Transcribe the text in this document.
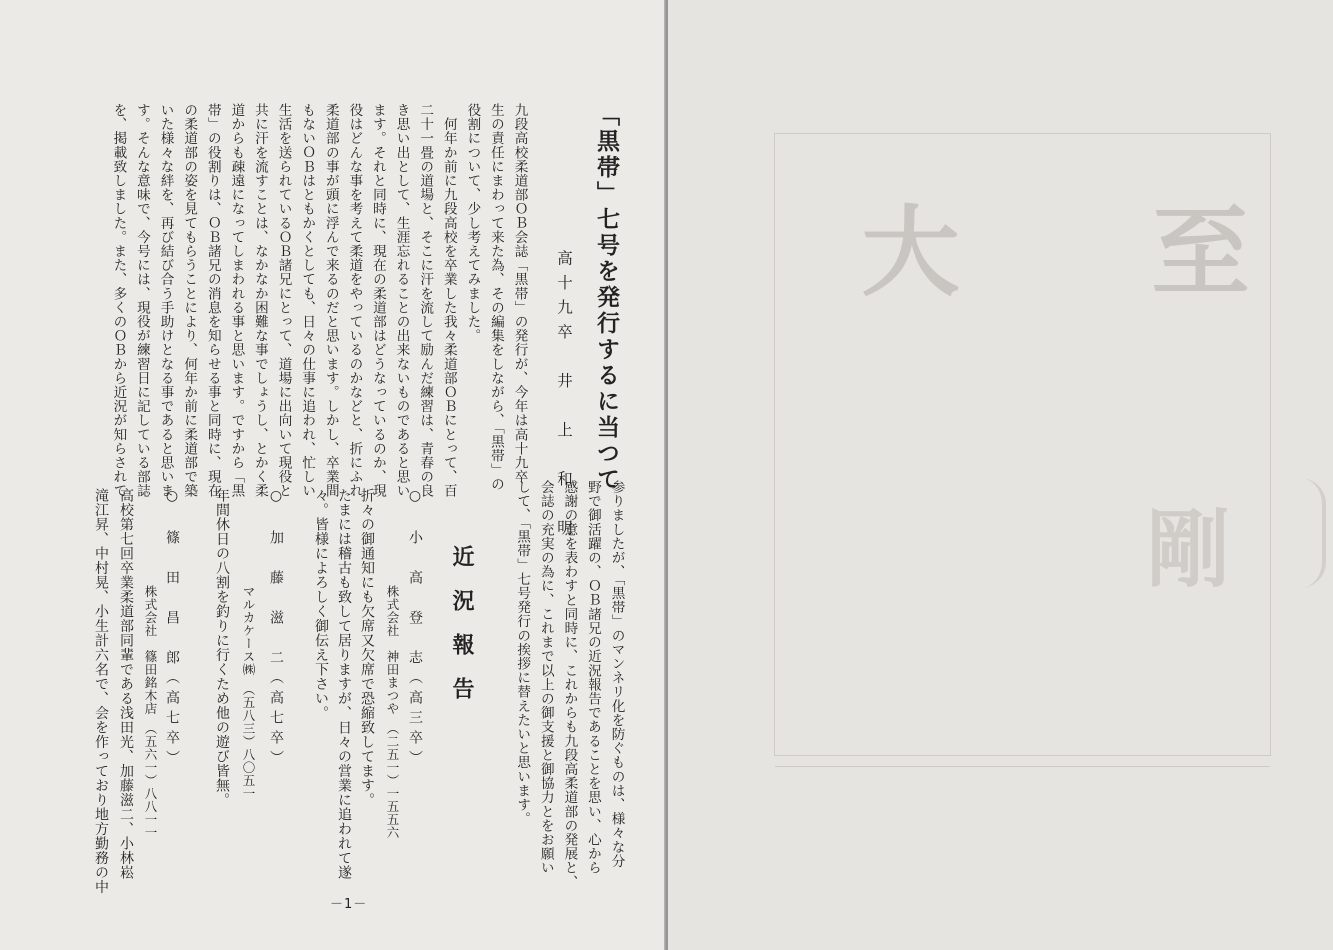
「黒帯」七号を発行するに当つて
高十九卒　井　上　和　明
九段高校柔道部ＯＢ会誌「黒帯」の発行が、今年は高十九卒
生の責任にまわって来た為、その編集をしながら、「黒帯」の
役割について、少し考えてみました。
　何年か前に九段高校を卒業した我々柔道部ＯＢにとって、百
二十一畳の道場と、そこに汗を流して励んだ練習は、青春の良
き思い出として、生涯忘れることの出来ないものであると思い
ます。それと同時に、現在の柔道部はどうなっているのか、現
役はどんな事を考えて柔道をやっているのかなどと、折にふれ
柔道部の事が頭に浮んで来るのだと思います。しかし、卒業間
もないＯＢはともかくとしても、日々の仕事に追われ、忙しい
生活を送られているＯＢ諸兄にとって、道場に出向いて現役と
共に汗を流すことは、なかなか困難な事でしょうし、とかく柔
道からも疎遠になってしまわれる事と思います。ですから「黒
帯」の役割りは、ＯＢ諸兄の消息を知らせる事と同時に、現在
の柔道部の姿を見てもらうことにより、何年か前に柔道部で築
いた様々な絆を、再び結び合う手助けとなる事であると思いま
す。そんな意味で、今号には、現役が練習日に記している部誌
を、掲載致しました。また、多くのＯＢから近況が知らされて
参りましたが、「黒帯」のマンネリ化を防ぐものは、様々な分
野で御活躍の、ＯＢ諸兄の近況報告であることを思い、心から
感謝の意を表わすと同時に、これからも九段高柔道部の発展と、
会誌の充実の為に、これまで以上の御支援と御協力とをお願い
して、「黒帯」七号発行の挨拶に替えたいと思います。
近況報告
○　小　高　登　志（高三卒）
株式会社　神田まつや　（二五一）一五五六
折々の御通知にも欠席又欠席で恐縮致してます。
たまには稽古も致して居りますが、日々の営業に追われて遂
々。皆様によろしく御伝え下さい。
○　加　藤　滋　二（高七卒）
マルカケース㈱　（五八三）八〇五一
年間休日の八割を釣りに行くため他の遊び皆無。
○　篠　田　昌　郎（高七卒）
株式会社　篠田銘木店　（五六一）八八一一
高校第七回卒業柔道部同輩である浅田光、加藤滋二、小林崧
滝江昇、中村晃、小生計六名で、会を作っており地方勤務の中
－1－
至
大
剛
